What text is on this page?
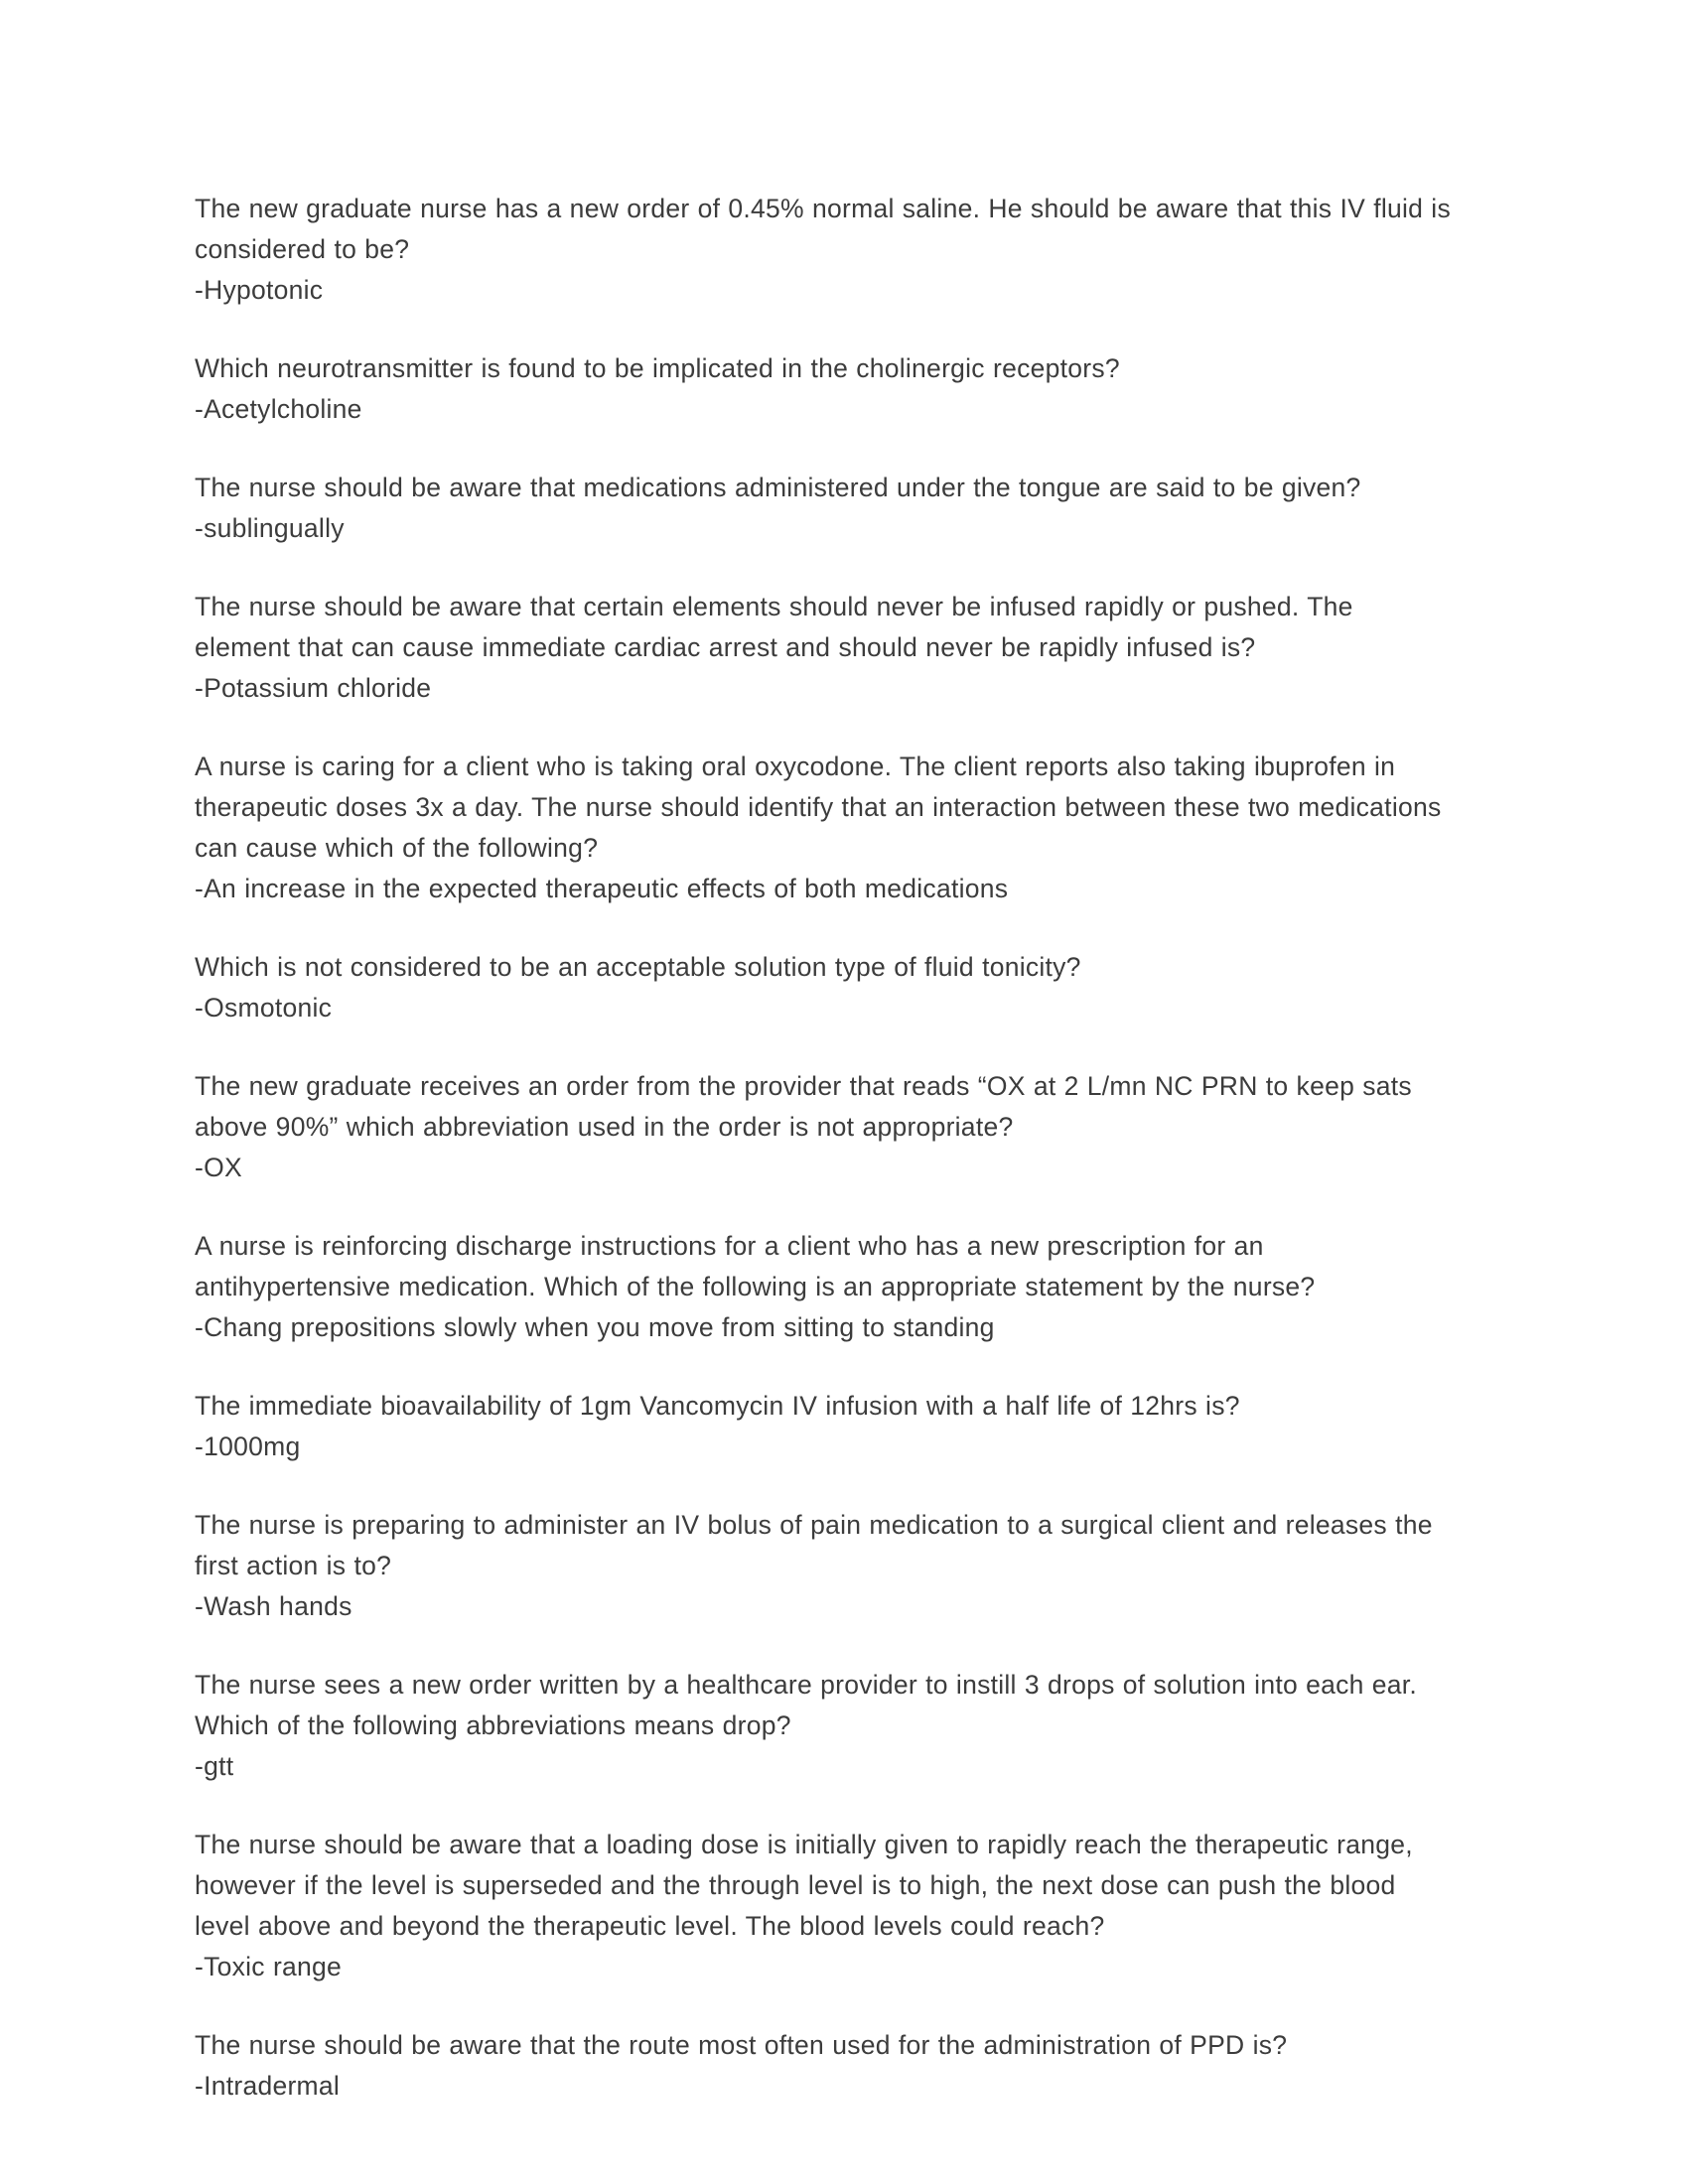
The new graduate nurse has a new order of 0.45% normal saline. He should be aware that this IV fluid is considered to be?

-Hypotonic

Which neurotransmitter is found to be implicated in the cholinergic receptors?

-Acetylcholine

The nurse should be aware that medications administered under the tongue are said to be given?

-sublingually

The nurse should be aware that certain elements should never be infused rapidly or pushed. The element that can cause immediate cardiac arrest and should never be rapidly infused is?

-Potassium chloride

A nurse is caring for a client who is taking oral oxycodone. The client reports also taking ibuprofen in therapeutic doses 3x a day. The nurse should identify that an interaction between these two medications can cause which of the following?

-An increase in the expected therapeutic effects of both medications

Which is not considered to be an acceptable solution type of fluid tonicity?

-Osmotonic

The new graduate receives an order from the provider that reads “OX at 2 L/mn NC PRN to keep sats above 90%” which abbreviation used in the order is not appropriate?

-OX

A nurse is reinforcing discharge instructions for a client who has a new prescription for an antihypertensive medication. Which of the following is an appropriate statement by the nurse?

-Chang prepositions slowly when you move from sitting to standing

The immediate bioavailability of 1gm Vancomycin IV infusion with a half life of 12hrs is?

-1000mg

The nurse is preparing to administer an IV bolus of pain medication to a surgical client and releases the first action is to?

-Wash hands

The nurse sees a new order written by a healthcare provider to instill 3 drops of solution into each ear. Which of the following abbreviations means drop?

-gtt

The nurse should be aware that a loading dose is initially given to rapidly reach the therapeutic range, however if the level is superseded and the through level is to high, the next dose can push the blood level above and beyond the therapeutic level. The blood levels could reach?

-Toxic range

The nurse should be aware that the route most often used for the administration of PPD is?

-Intradermal
